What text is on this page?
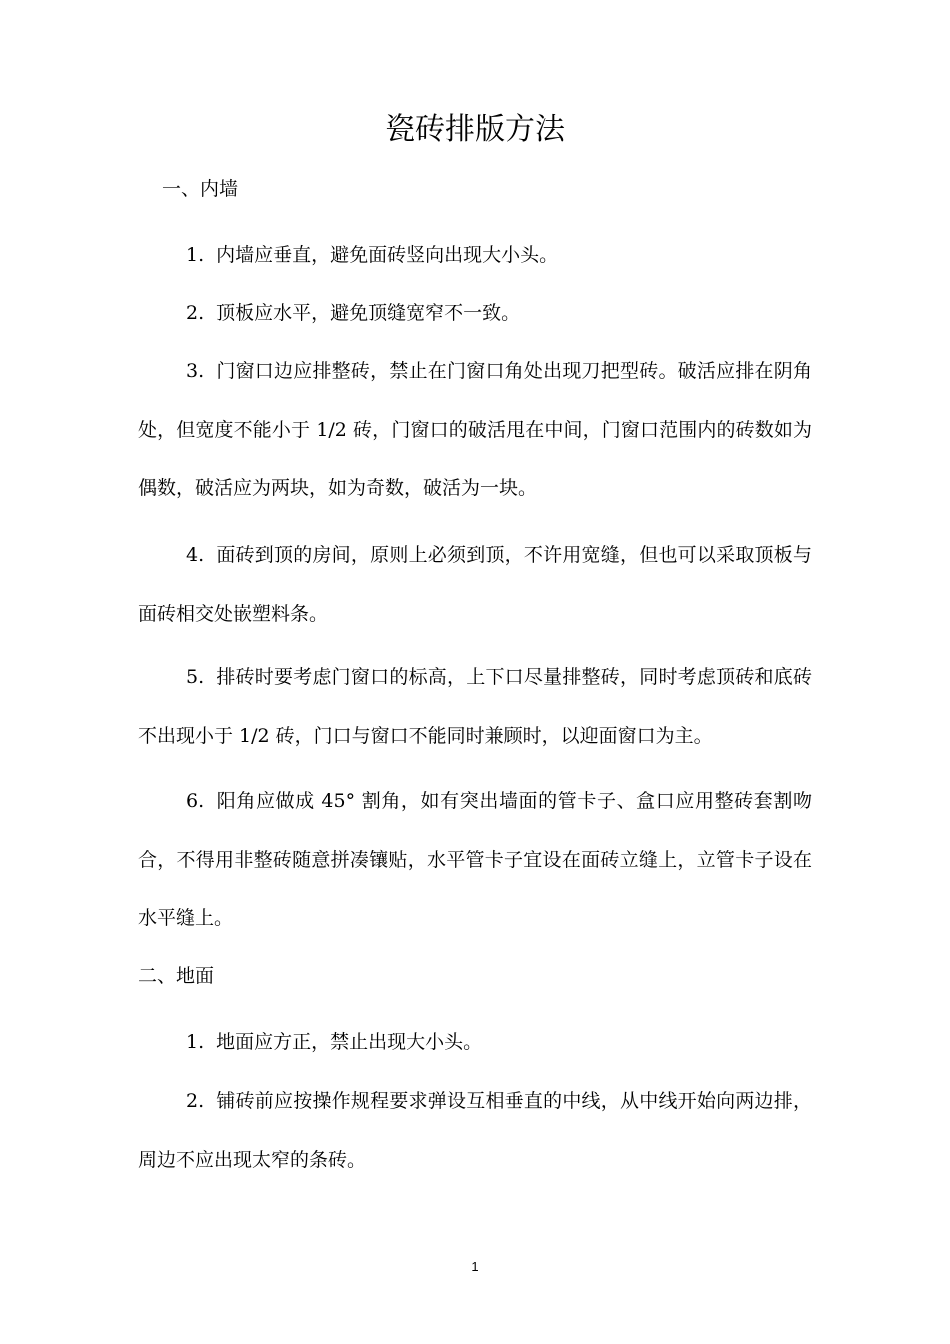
瓷砖排版方法
一、内墙

1. 内墙应垂直，避免面砖竖向出现大小头。

2. 顶板应水平，避免顶缝宽窄不一致。

3. 门窗口边应排整砖，禁止在门窗口角处出现刀把型砖。破活应排在阴角处，但宽度不能小于 1/2 砖，门窗口的破活甩在中间，门窗口范围内的砖数如为偶数，破活应为两块，如为奇数，破活为一块。

4. 面砖到顶的房间，原则上必须到顶，不许用宽缝，但也可以采取顶板与面砖相交处嵌塑料条。

5. 排砖时要考虑门窗口的标高，上下口尽量排整砖，同时考虑顶砖和底砖不出现小于 1/2 砖，门口与窗口不能同时兼顾时，以迎面窗口为主。

6. 阳角应做成 45° 割角，如有突出墙面的管卡子、盒口应用整砖套割吻合，不得用非整砖随意拼凑镶贴，水平管卡子宜设在面砖立缝上，立管卡子设在水平缝上。

二、地面

1. 地面应方正，禁止出现大小头。

2. 铺砖前应按操作规程要求弹设互相垂直的中线，从中线开始向两边排，周边不应出现太窄的条砖。

1
